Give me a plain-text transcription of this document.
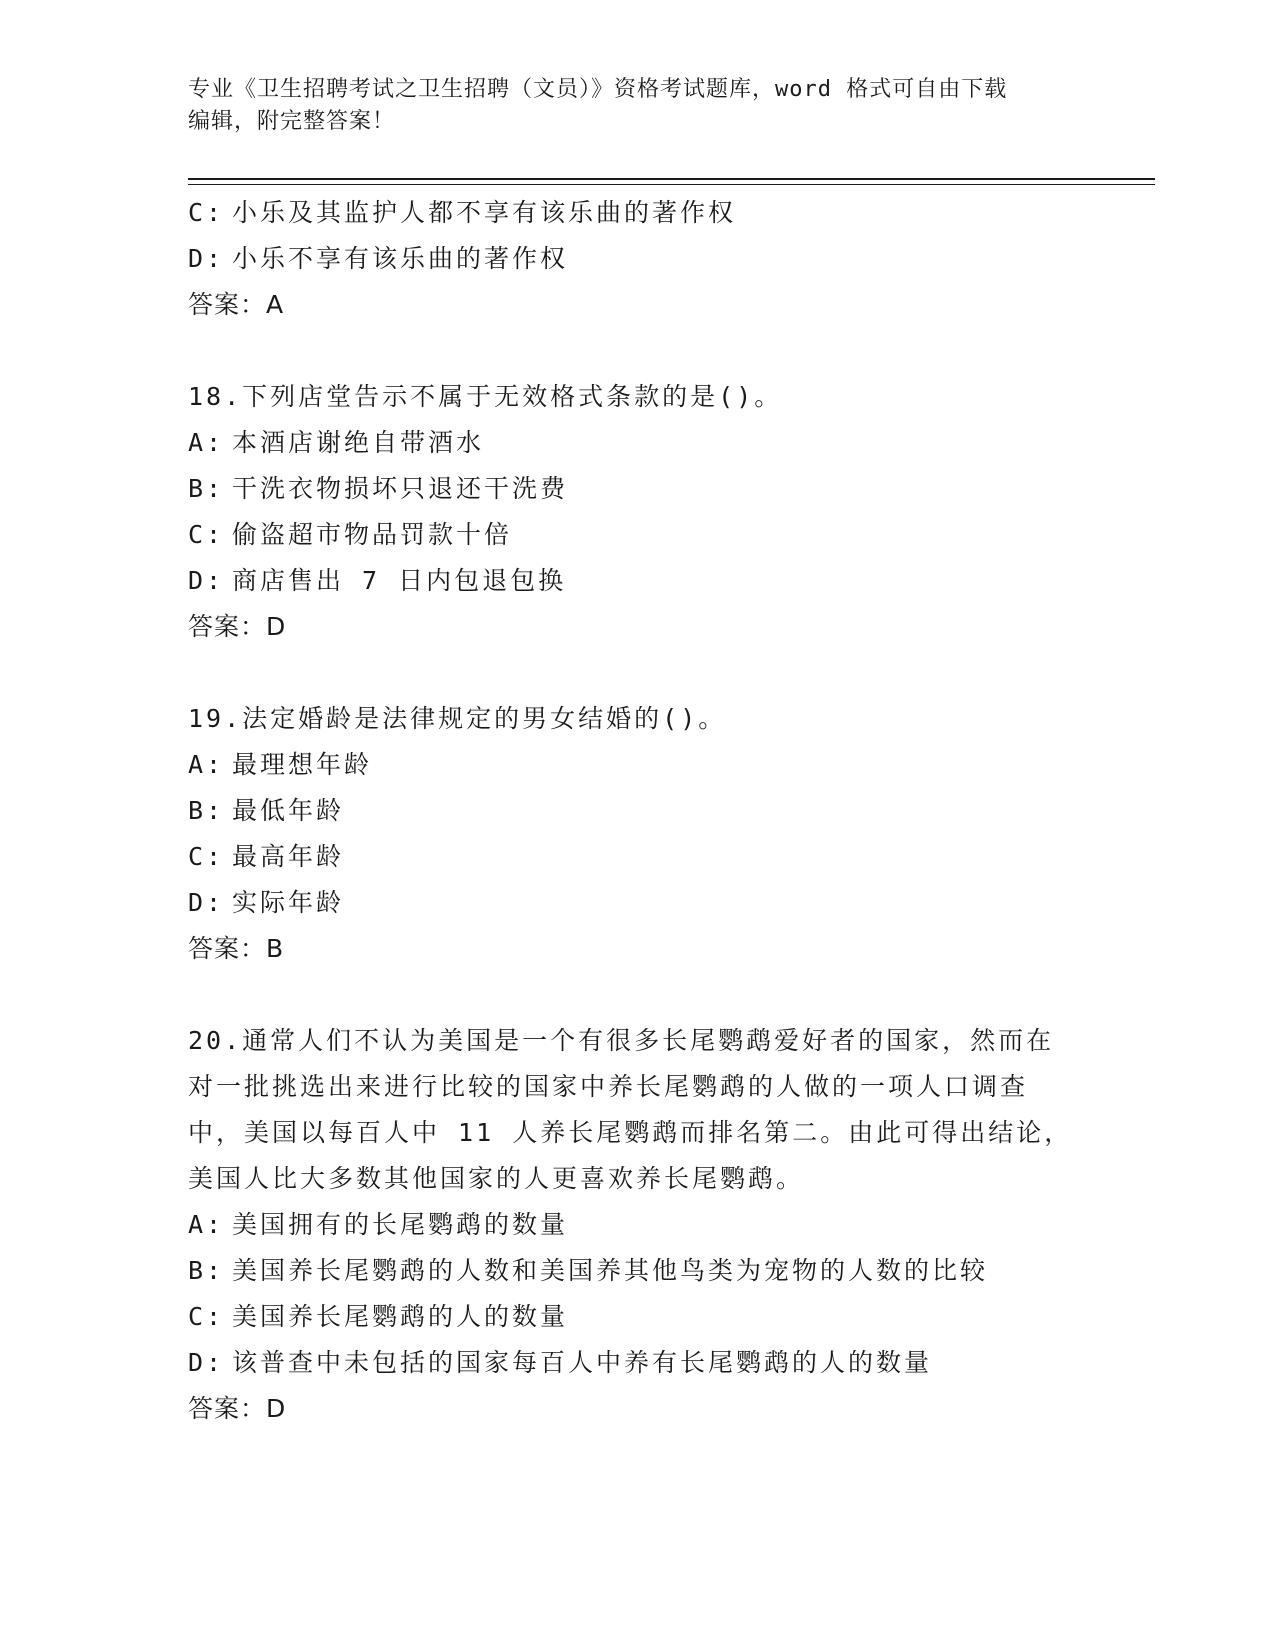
专业《卫生招聘考试之卫生招聘（文员）》资格考试题库，word 格式可自由下载
编辑，附完整答案！
C: 小乐及其监护人都不享有该乐曲的著作权
D: 小乐不享有该乐曲的著作权
答案：A
18.下列店堂告示不属于无效格式条款的是()。
A: 本酒店谢绝自带酒水
B: 干洗衣物损坏只退还干洗费
C: 偷盗超市物品罚款十倍
D: 商店售出 7 日内包退包换
答案：D
19.法定婚龄是法律规定的男女结婚的()。
A: 最理想年龄
B: 最低年龄
C: 最高年龄
D: 实际年龄
答案：B
20.通常人们不认为美国是一个有很多长尾鹦鹉爱好者的国家，然而在
对一批挑选出来进行比较的国家中养长尾鹦鹉的人做的一项人口调查
中，美国以每百人中 11 人养长尾鹦鹉而排名第二。由此可得出结论，
美国人比大多数其他国家的人更喜欢养长尾鹦鹉。
A: 美国拥有的长尾鹦鹉的数量
B: 美国养长尾鹦鹉的人数和美国养其他鸟类为宠物的人数的比较
C: 美国养长尾鹦鹉的人的数量
D: 该普查中未包括的国家每百人中养有长尾鹦鹉的人的数量
答案：D
